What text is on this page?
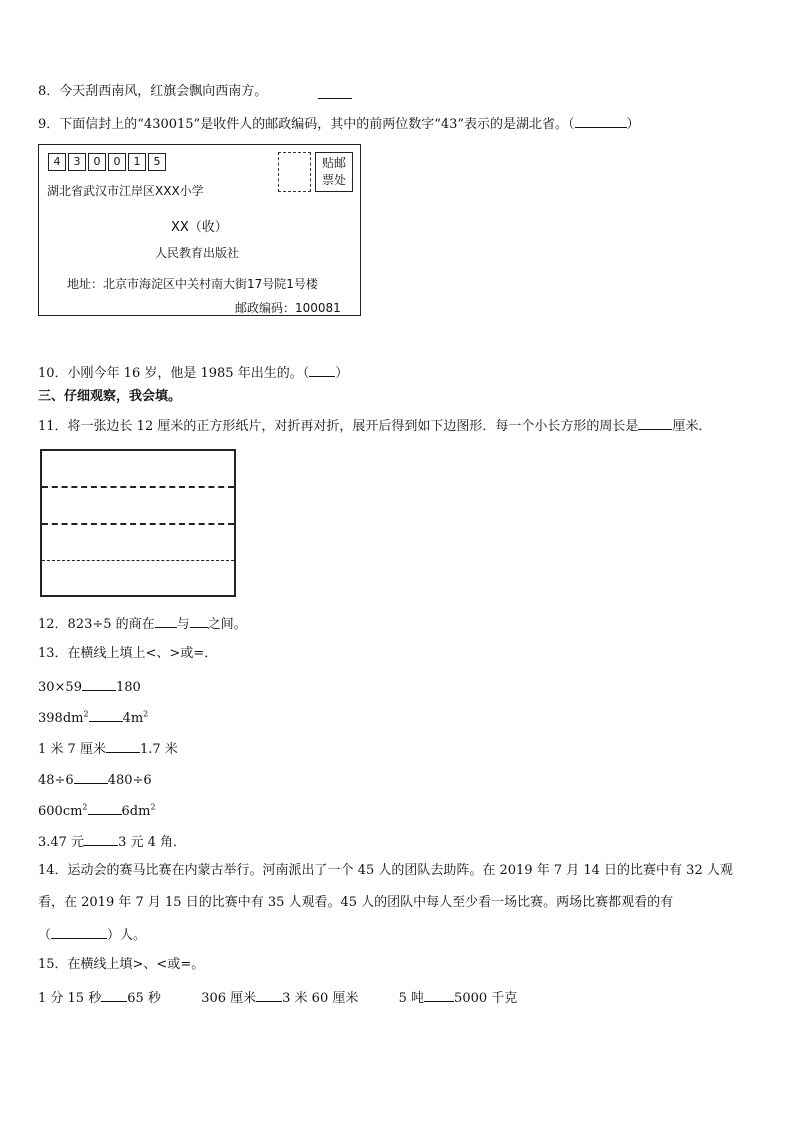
8．今天刮西南风，红旗会飘向西南方。
9．下面信封上的“430015”是收件人的邮政编码，其中的前两位数字“43”表示的是湖北省。（	）
4	3	0	0	1	5	贴邮
票处
湖北省武汉市江岸区XXX小学
XX（收）
人民教育出版社
地址：北京市海淀区中关村南大街17号院1号楼
邮政编码：100081
10．小刚今年 16 岁，他是 1985 年出生的。（ ）
三、仔细观察，我会填。
11．将一张边长 12 厘米的正方形纸片，对折再对折，展开后得到如下边图形．每一个小长方形的周长是	厘米．
12．823÷5 的商在 与 之间。
13．在横线上填上<、>或=．
30×59	180
$398dm^2$	$4m^2$
1 米 7 厘米	1.7 米
48÷6	480÷6
$600cm^2$	$6dm^2$
3.47 元	3 元 4 角．
14．运动会的赛马比赛在内蒙古举行。河南派出了一个 45 人的团队去助阵。在 2019 年 7 月 14 日的比赛中有 32 人观
看，在 2019 年 7 月 15 日的比赛中有 35 人观看。45 人的团队中每人至少看一场比赛。两场比赛都观看的有
（	）人。
15．在横线上填>、<或=。
1 分 15 秒 65 秒	306 厘米 3 米 60 厘米	5 吨 5000 千克
